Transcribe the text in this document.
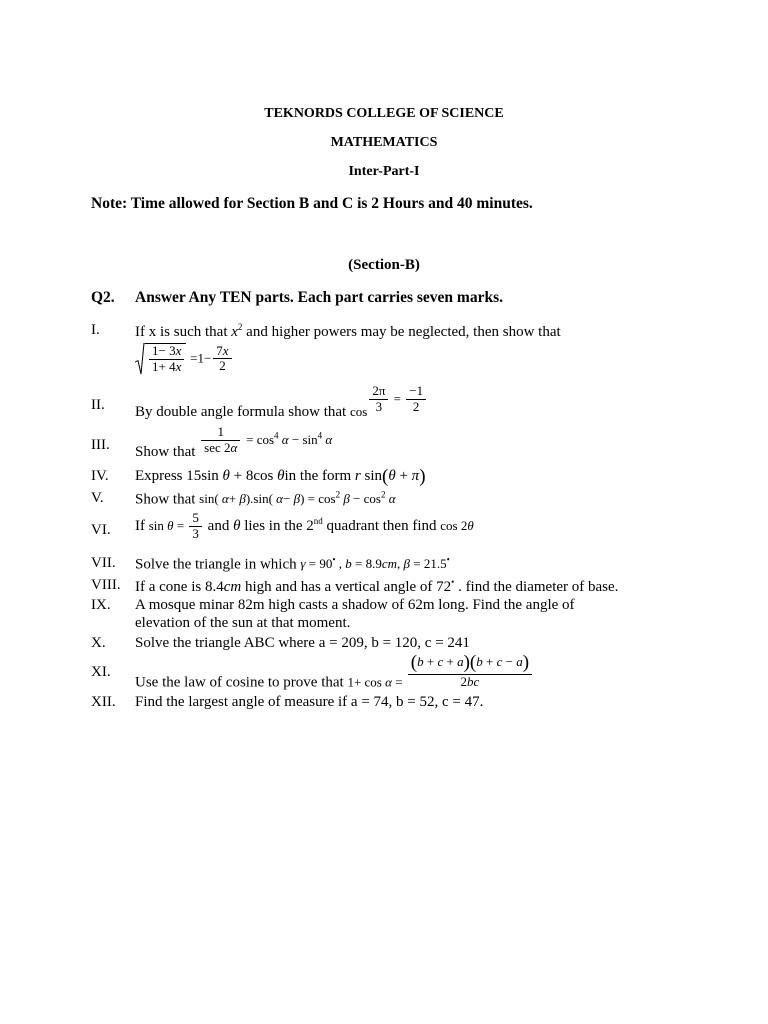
TEKNORDS COLLEGE OF SCIENCE
MATHEMATICS
Inter-Part-I
Note: Time allowed for Section B and C is 2 Hours and 40 minutes.
(Section-B)
Q2. Answer Any TEN parts. Each part carries seven marks.
I. If x is such that $x^2$ and higher powers may be neglected, then show that
$\frac{1- 3x}{1+ 4x} =1- \frac{7x}{2}$
II. By double angle formula show that $\cos \frac{2\pi}{3} = \frac{-1}{2}$
III. Show that $\frac{1}{\sec 2\alpha} = \cos^4 \alpha - \sin^4 \alpha$
IV. Express 15sin θ + 8cos θin the form r sin(θ + π)
V. Show that sin( α+ β).sin( $\alpha- \beta) = \cos^2 \beta - \cos^2 \alpha$
VI. If $\sin \theta = \frac{5}{3}$ and θ lies in the 2nd quadrant then find cos 2θ
VII. Solve the triangle in which γ = 90• , b = 8.9cm, β = 21.5•
VIII. If a cone is 8.4cm high and has a vertical angle of 72• . find the diameter of base.
IX. A mosque minar 82m high casts a shadow of 62m long. Find the angle of
elevation of the sun at that moment.
X. Solve the triangle ABC where a = 209, b = 120, c = 241
XI.
Use the law of cosine to prove that $1+ \cos \alpha = \frac{(b + c + a)(b + c - a)}{2bc}$
XII. Find the largest angle of measure if a = 74, b = 52, c = 47.
